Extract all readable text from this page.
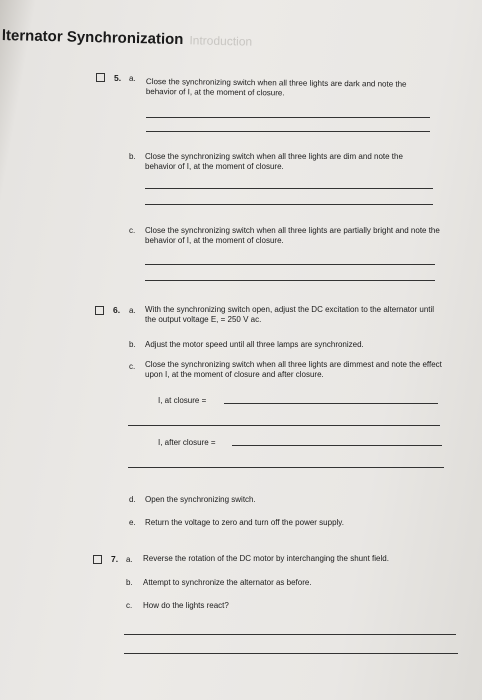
lternator Synchronization Introduction
5. a. Close the synchronizing switch when all three lights are dark and note the behavior of I, at the moment of closure.
b. Close the synchronizing switch when all three lights are dim and note the behavior of I, at the moment of closure.
c. Close the synchronizing switch when all three lights are partially bright and note the behavior of I, at the moment of closure.
6. a. With the synchronizing switch open, adjust the DC excitation to the alternator until the output voltage E, = 250 V ac.
b. Adjust the motor speed until all three lamps are synchronized.
c. Close the synchronizing switch when all three lights are dimmest and note the effect upon I, at the moment of closure and after closure.
I, at closure =
I, after closure =
d. Open the synchronizing switch.
e. Return the voltage to zero and turn off the power supply.
7. a. Reverse the rotation of the DC motor by interchanging the shunt field.
b. Attempt to synchronize the alternator as before.
c. How do the lights react?
